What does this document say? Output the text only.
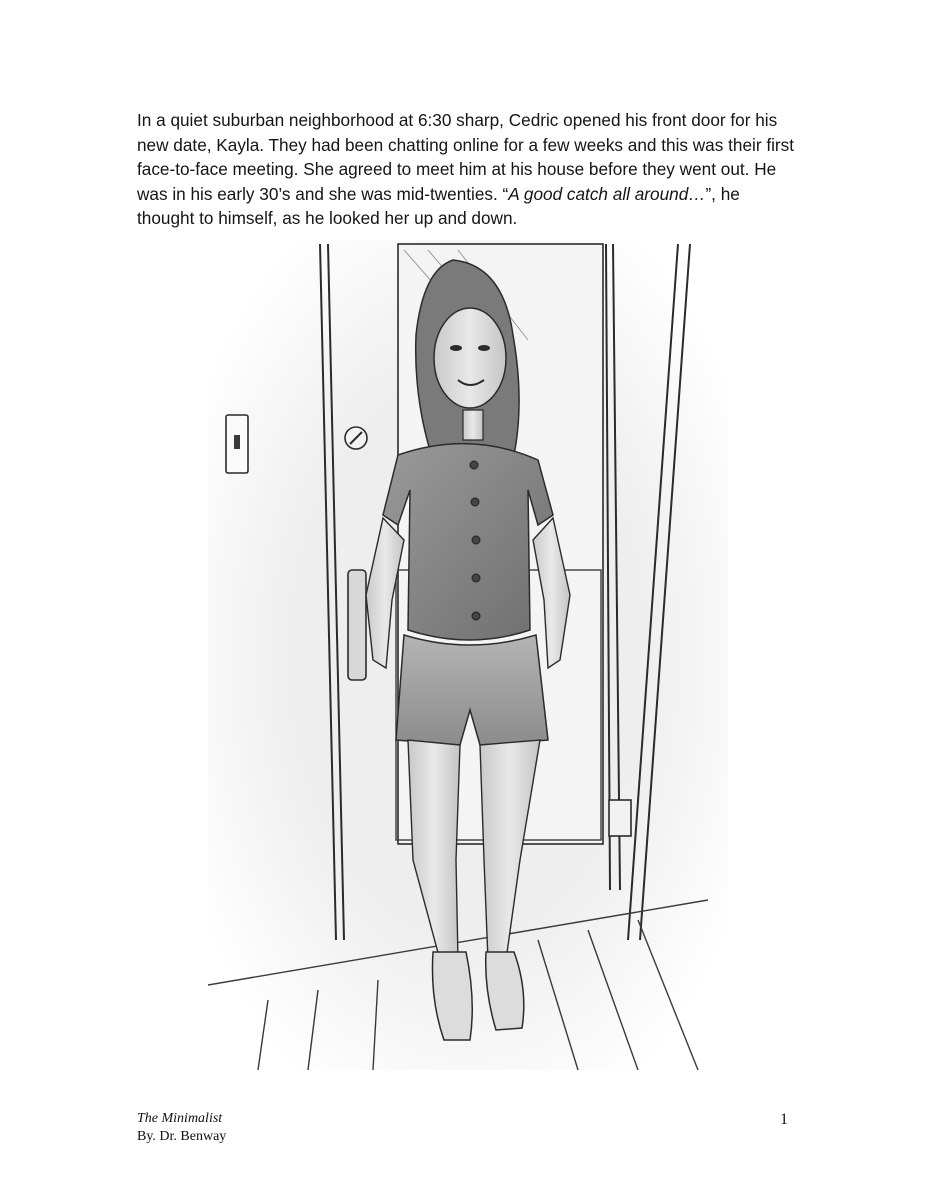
In a quiet suburban neighborhood at 6:30 sharp, Cedric opened his front door for his new date, Kayla. They had been chatting online for a few weeks and this was their first face-to-face meeting. She agreed to meet him at his house before they went out. He was in his early 30’s and she was mid-twenties. “A good catch all around…”, he thought to himself, as he looked her up and down.

The Minimalist
By. Dr. Benway
1
